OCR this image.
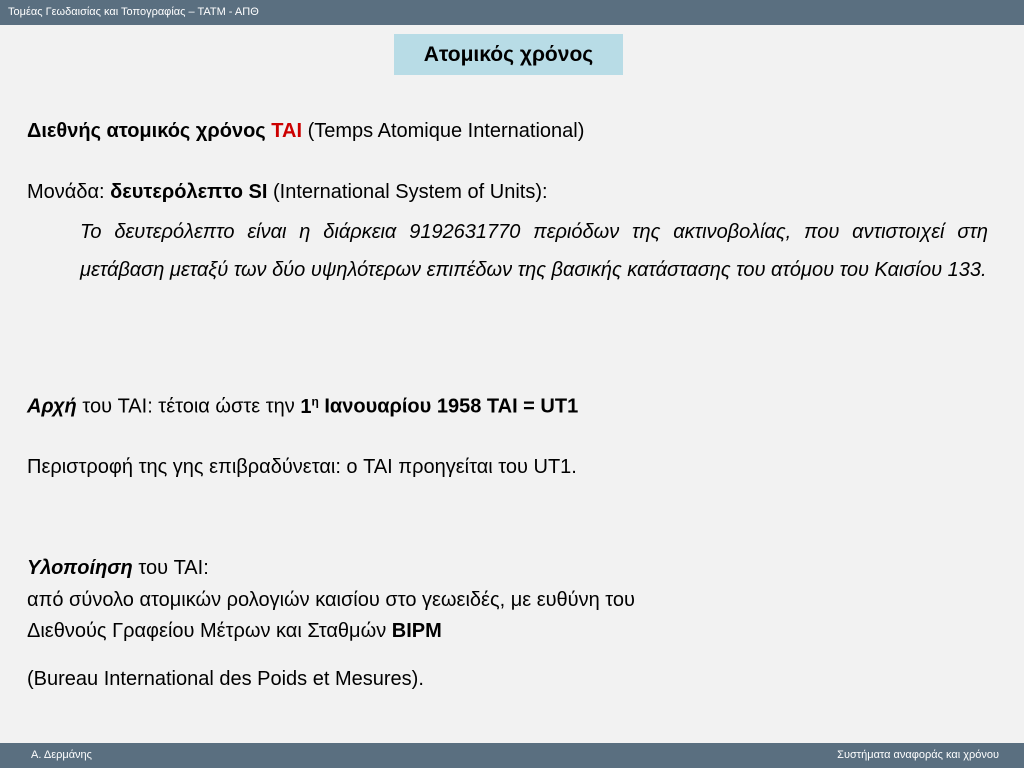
Τομέας Γεωδαισίας και Τοπογραφίας – ΤΑΤΜ - ΑΠΘ
Ατομικός χρόνος
Διεθνής ατομικός χρόνος TAI (Temps Atomique International)
Μονάδα: δευτερόλεπτο SI (International System of Units):
Το δευτερόλεπτο είναι η διάρκεια 9192631770 περιόδων της ακτινοβολίας, που αντιστοιχεί στη μετάβαση μεταξύ των δύο υψηλότερων επιπέδων της βασικής κατάστασης του ατόμου του Καισίου 133.
Αρχή του TAI: τέτοια ώστε την $1^\eta$ Ιανουαρίου 1958 TAI = UT1
Περιστροφή της γης επιβραδύνεται: ο TAI προηγείται του UT1.
Υλοποίηση του TAI:
από σύνολο ατομικών ρολογιών καισίου στο γεωειδές, με ευθύνη του
Διεθνούς Γραφείου Μέτρων και Σταθμών BIPM
(Bureau International des Poids et Mesures).
Α. Δερμάνης	Συστήματα αναφοράς και χρόνου
